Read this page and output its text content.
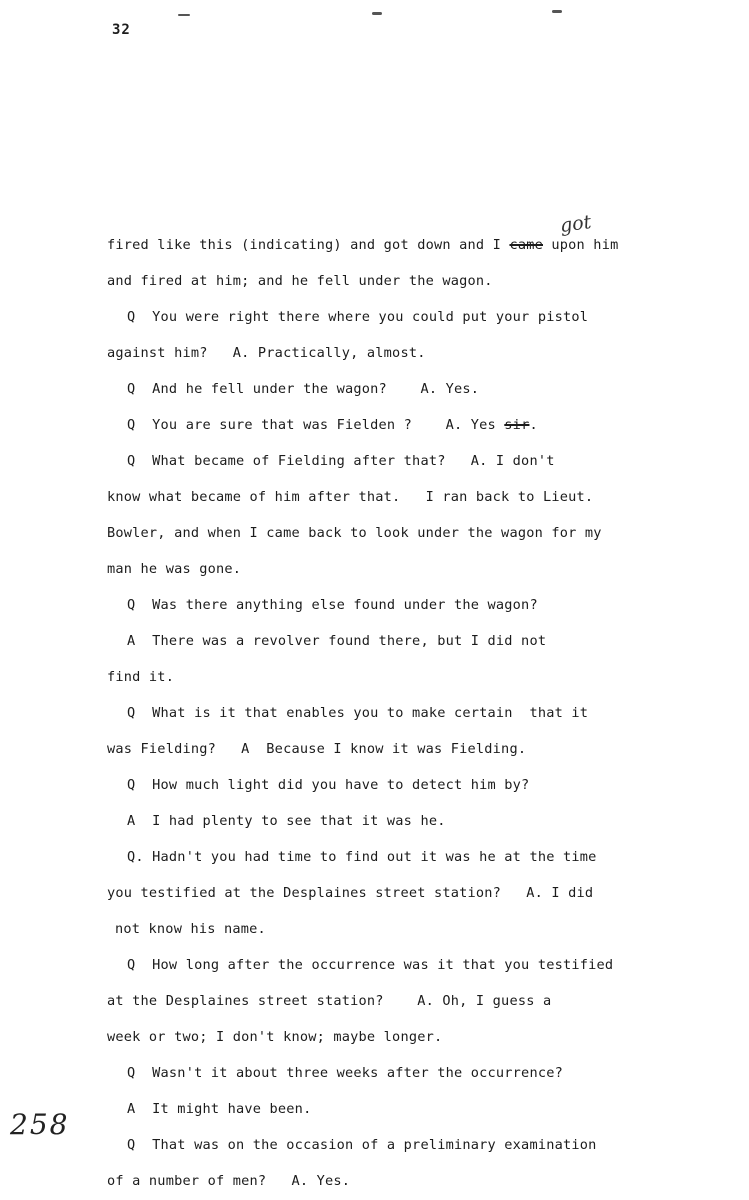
32
got
fired like this (indicating) and got down and I came upon him
and fired at him; and he fell under the wagon.
Q  You were right there where you could put your pistol
against him?   A. Practically, almost.
Q  And he fell under the wagon?    A. Yes.
Q  You are sure that was Fielden ?    A. Yes sir.
Q  What became of Fielding after that?   A. I don't
know what became of him after that.   I ran back to Lieut.
Bowler, and when I came back to look under the wagon for my
man he was gone.
Q  Was there anything else found under the wagon?
A  There was a revolver found there, but I did not
find it.
Q  What is it that enables you to make certain  that it
was Fielding?   A  Because I know it was Fielding.
Q  How much light did you have to detect him by?
A  I had plenty to see that it was he.
Q. Hadn't you had time to find out it was he at the time
you testified at the Desplaines street station?   A. I did
not know his name.
Q  How long after the occurrence was it that you testified
at the Desplaines street station?    A. Oh, I guess a
week or two; I don't know; maybe longer.
Q  Wasn't it about three weeks after the occurrence?
A  It might have been.
Q  That was on the occasion of a preliminary examination
of a number of men?   A. Yes.
258
